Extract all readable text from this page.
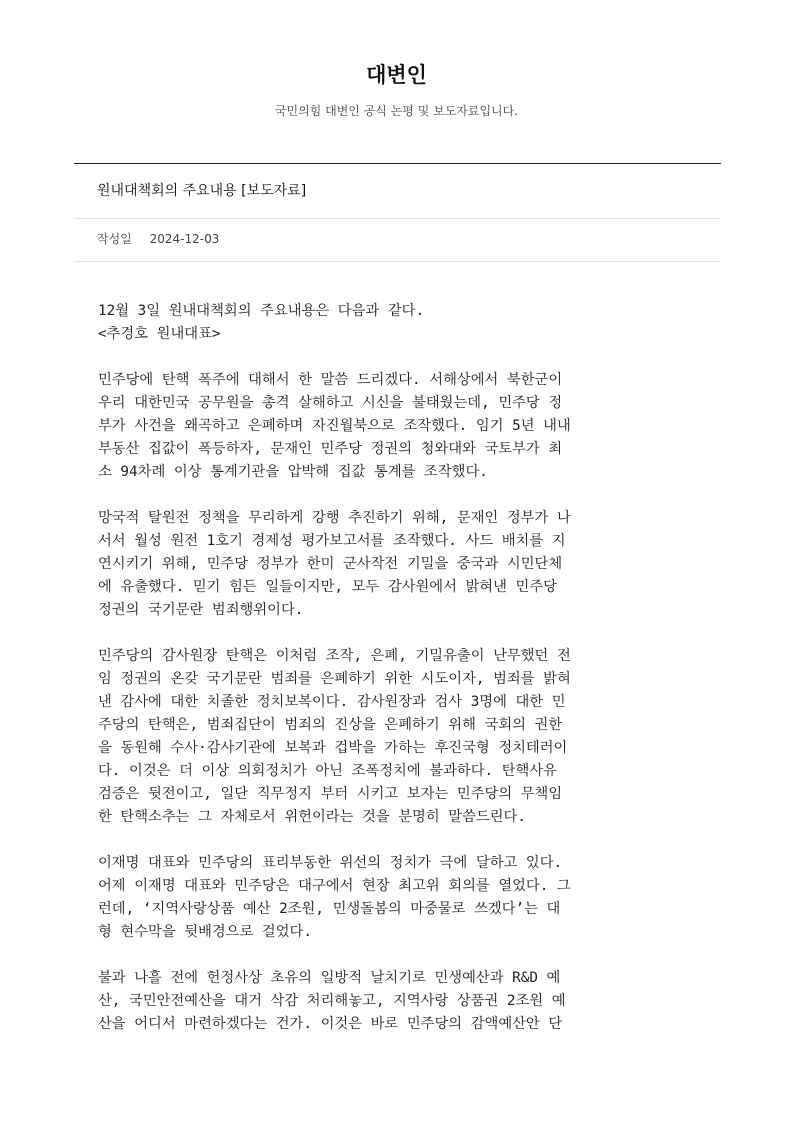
대변인
국민의힘 대변인 공식 논평 및 보도자료입니다.
원내대책회의 주요내용 [보도자료]
작성일 2024-12-03
12월 3일 원내대책회의 주요내용은 다음과 같다.
<추경호 원내대표>
민주당에 탄핵 폭주에 대해서 한 말씀 드리겠다. 서해상에서 북한군이
우리 대한민국 공무원을 총격 살해하고 시신을 불태웠는데, 민주당 정
부가 사건을 왜곡하고 은폐하며 자진월북으로 조작했다. 임기 5년 내내
부동산 집값이 폭등하자, 문재인 민주당 정권의 청와대와 국토부가 최
소 94차례 이상 통계기관을 압박해 집값 통계를 조작했다.
망국적 탈원전 정책을 무리하게 강행 추진하기 위해, 문재인 정부가 나
서서 월성 원전 1호기 경제성 평가보고서를 조작했다. 사드 배치를 지
연시키기 위해, 민주당 정부가 한미 군사작전 기밀을 중국과 시민단체
에 유출했다. 믿기 힘든 일들이지만, 모두 감사원에서 밝혀낸 민주당
정권의 국기문란 범죄행위이다.
민주당의 감사원장 탄핵은 이처럼 조작, 은폐, 기밀유출이 난무했던 전
임 정권의 온갖 국기문란 범죄를 은폐하기 위한 시도이자, 범죄를 밝혀
낸 감사에 대한 치졸한 정치보복이다. 감사원장과 검사 3명에 대한 민
주당의 탄핵은, 범죄집단이 범죄의 진상을 은폐하기 위해 국회의 권한
을 동원해 수사·감사기관에 보복과 겁박을 가하는 후진국형 정치테러이
다. 이것은 더 이상 의회정치가 아닌 조폭정치에 불과하다. 탄핵사유
검증은 뒷전이고, 일단 직무정지 부터 시키고 보자는 민주당의 무책임
한 탄핵소추는 그 자체로서 위헌이라는 것을 분명히 말씀드린다.
이재명 대표와 민주당의 표리부동한 위선의 정치가 극에 달하고 있다.
어제 이재명 대표와 민주당은 대구에서 현장 최고위 회의를 열었다. 그
런데, ‘지역사랑상품 예산 2조원, 민생돌봄의 마중물로 쓰겠다’는 대
형 현수막을 뒷배경으로 걸었다.
불과 나흘 전에 헌정사상 초유의 일방적 날치기로 민생예산과 R&D 예
산, 국민안전예산을 대거 삭감 처리해놓고, 지역사랑 상품권 2조원 예
산을 어디서 마련하겠다는 건가. 이것은 바로 민주당의 감액예산안 단
